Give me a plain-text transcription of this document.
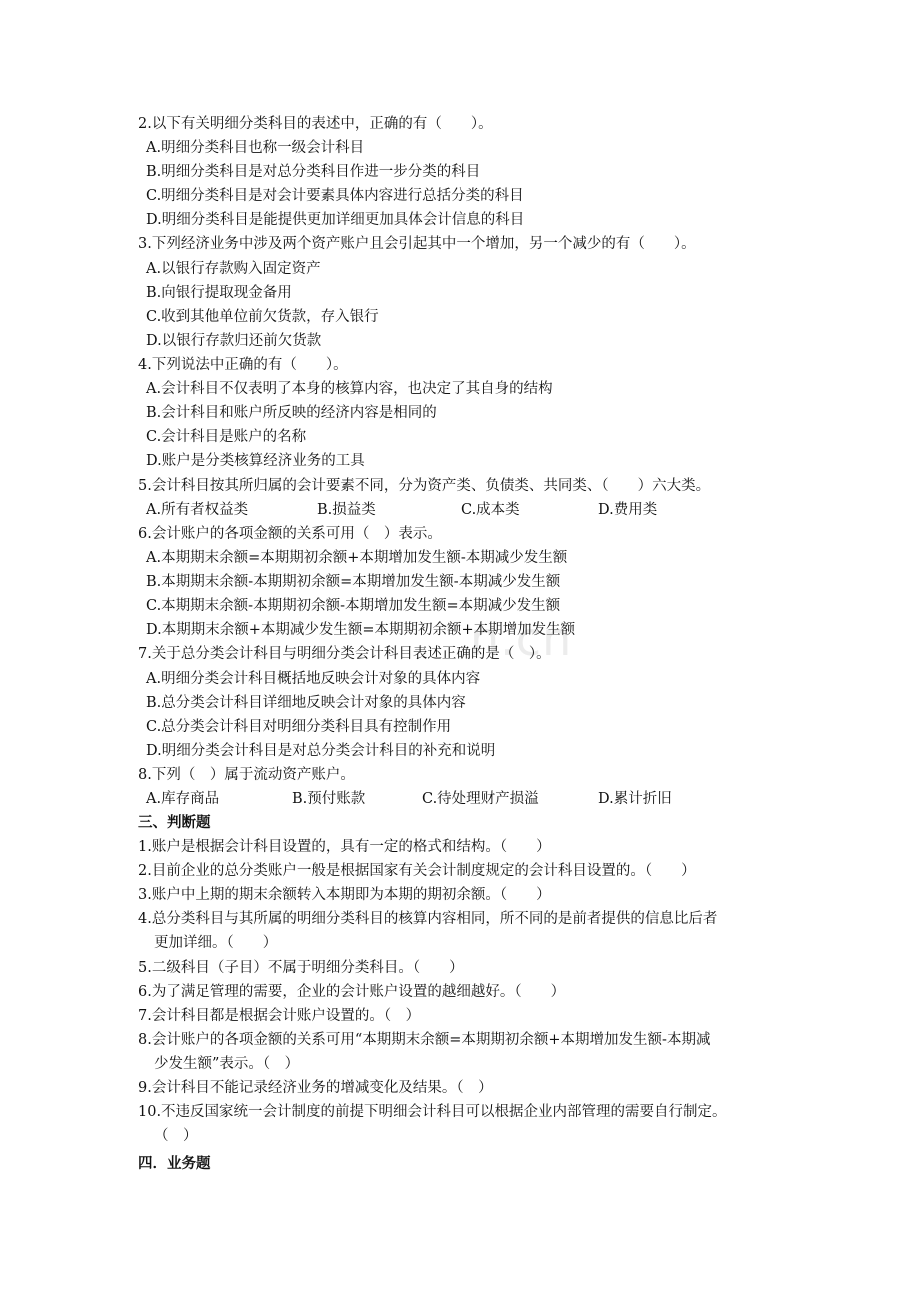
n.cn
2.以下有关明细分类科目的表述中，正确的有（　　）。
A.明细分类科目也称一级会计科目
B.明细分类科目是对总分类科目作进一步分类的科目
C.明细分类科目是对会计要素具体内容进行总括分类的科目
D.明细分类科目是能提供更加详细更加具体会计信息的科目
3.下列经济业务中涉及两个资产账户且会引起其中一个增加，另一个减少的有（　　）。
A.以银行存款购入固定资产
B.向银行提取现金备用
C.收到其他单位前欠货款，存入银行
D.以银行存款归还前欠货款
4.下列说法中正确的有（　　）。
A.会计科目不仅表明了本身的核算内容，也决定了其自身的结构
B.会计科目和账户所反映的经济内容是相同的
C.会计科目是账户的名称
D.账户是分类核算经济业务的工具
5.会计科目按其所归属的会计要素不同，分为资产类、负债类、共同类、（　　）六大类。
A.所有者权益类	B.损益类	C.成本类	D.费用类
6.会计账户的各项金额的关系可用（　）表示。
A.本期期末余额=本期期初余额+本期增加发生额-本期减少发生额
B.本期期末余额-本期期初余额=本期增加发生额-本期减少发生额
C.本期期末余额-本期期初余额-本期增加发生额=本期减少发生额
D.本期期末余额+本期减少发生额=本期期初余额+本期增加发生额
7.关于总分类会计科目与明细分类会计科目表述正确的是（　）。
A.明细分类会计科目概括地反映会计对象的具体内容
B.总分类会计科目详细地反映会计对象的具体内容
C.总分类会计科目对明细分类科目具有控制作用
D.明细分类会计科目是对总分类会计科目的补充和说明
8.下列（　）属于流动资产账户。
A.库存商品	B.预付账款	C.待处理财产损溢	D.累计折旧
三、判断题
1.账户是根据会计科目设置的，具有一定的格式和结构。（　　）
2.目前企业的总分类账户一般是根据国家有关会计制度规定的会计科目设置的。（　　）
3.账户中上期的期末余额转入本期即为本期的期初余额。（　　）
4.总分类科目与其所属的明细分类科目的核算内容相同，所不同的是前者提供的信息比后者
更加详细。（　　）
5.二级科目（子目）不属于明细分类科目。（　　）
6.为了满足管理的需要，企业的会计账户设置的越细越好。（　　）
7.会计科目都是根据会计账户设置的。（　）
8.会计账户的各项金额的关系可用“本期期末余额=本期期初余额+本期增加发生额-本期减
少发生额”表示。（　）
9.会计科目不能记录经济业务的增减变化及结果。（　）
10.不违反国家统一会计制度的前提下明细会计科目可以根据企业内部管理的需要自行制定。
（　）
四．业务题
